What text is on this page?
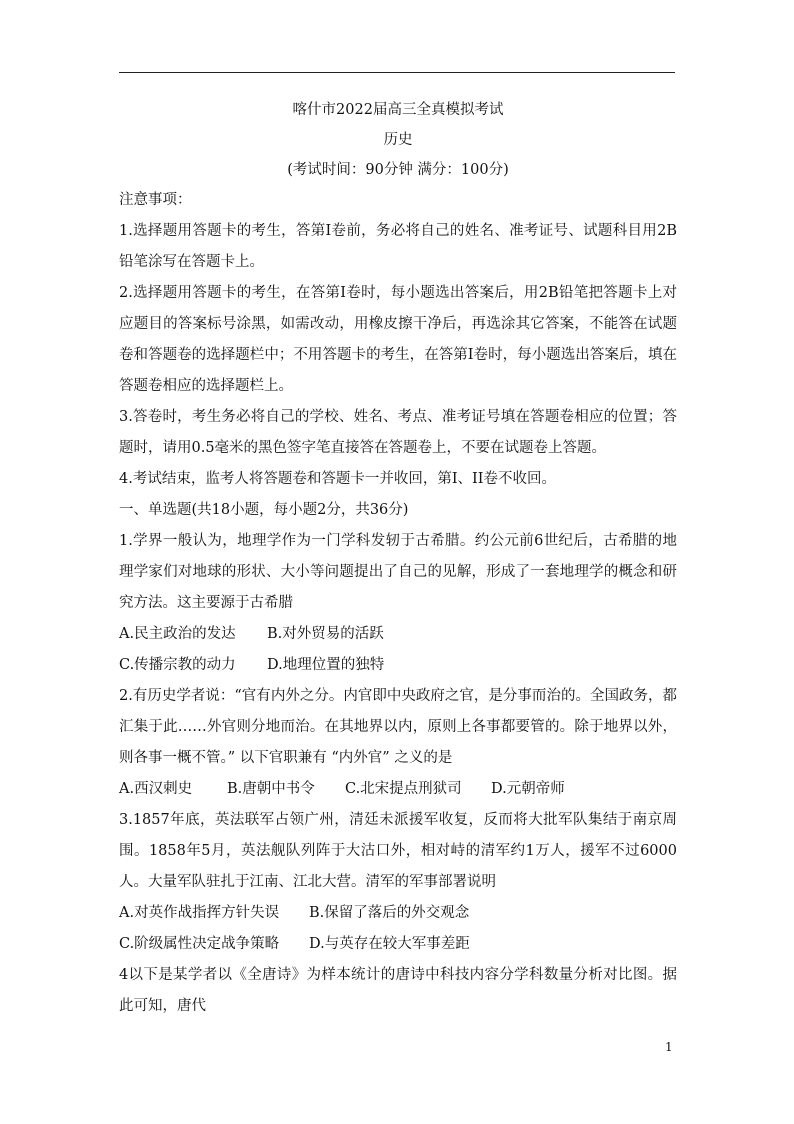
喀什市2022届高三全真模拟考试
历史
(考试时间：90分钟 满分：100分)

注意事项：

1.选择题用答题卡的考生，答第I卷前，务必将自己的姓名、准考证号、试题科目用2B铅笔涂写在答题卡上。

2.选择题用答题卡的考生，在答第I卷时，每小题选出答案后，用2B铅笔把答题卡上对应题目的答案标号涂黑，如需改动，用橡皮擦干净后，再选涂其它答案，不能答在试题卷和答题卷的选择题栏中；不用答题卡的考生，在答第I卷时，每小题选出答案后，填在答题卷相应的选择题栏上。

3.答卷时，考生务必将自己的学校、姓名、考点、准考证号填在答题卷相应的位置；答题时，请用0.5毫米的黑色签字笔直接答在答题卷上，不要在试题卷上答题。

4.考试结束，监考人将答题卷和答题卡一并收回，第I、II卷不收回。

一、单选题(共18小题，每小题2分，共36分)

1.学界一般认为，地理学作为一门学科发轫于古希腊。约公元前6世纪后，古希腊的地理学家们对地球的形状、大小等问题提出了自己的见解，形成了一套地理学的概念和研究方法。这主要源于古希腊

A.民主政治的发达 B.对外贸易的活跃
C.传播宗教的动力 D.地理位置的独特

2.有历史学者说：“官有内外之分。内官即中央政府之官，是分事而治的。全国政务，都汇集于此……外官则分地而治。在其地界以内，原则上各事都要管的。除于地界以外，则各事一概不管。” 以下官职兼有 “内外官” 之义的是

A.西汉刺史 B.唐朝中书令 C.北宋提点刑狱司 D.元朝帝师

3.1857年底，英法联军占领广州，清廷未派援军收复，反而将大批军队集结于南京周围。1858年5月，英法舰队列阵于大沽口外，相对峙的清军约1万人，援军不过6000人。大量军队驻扎于江南、江北大营。清军的军事部署说明

A.对英作战指挥方针失误 B.保留了落后的外交观念
C.阶级属性决定战争策略 D.与英存在较大军事差距

4以下是某学者以《全唐诗》为样本统计的唐诗中科技内容分学科数量分析对比图。据此可知，唐代

1
